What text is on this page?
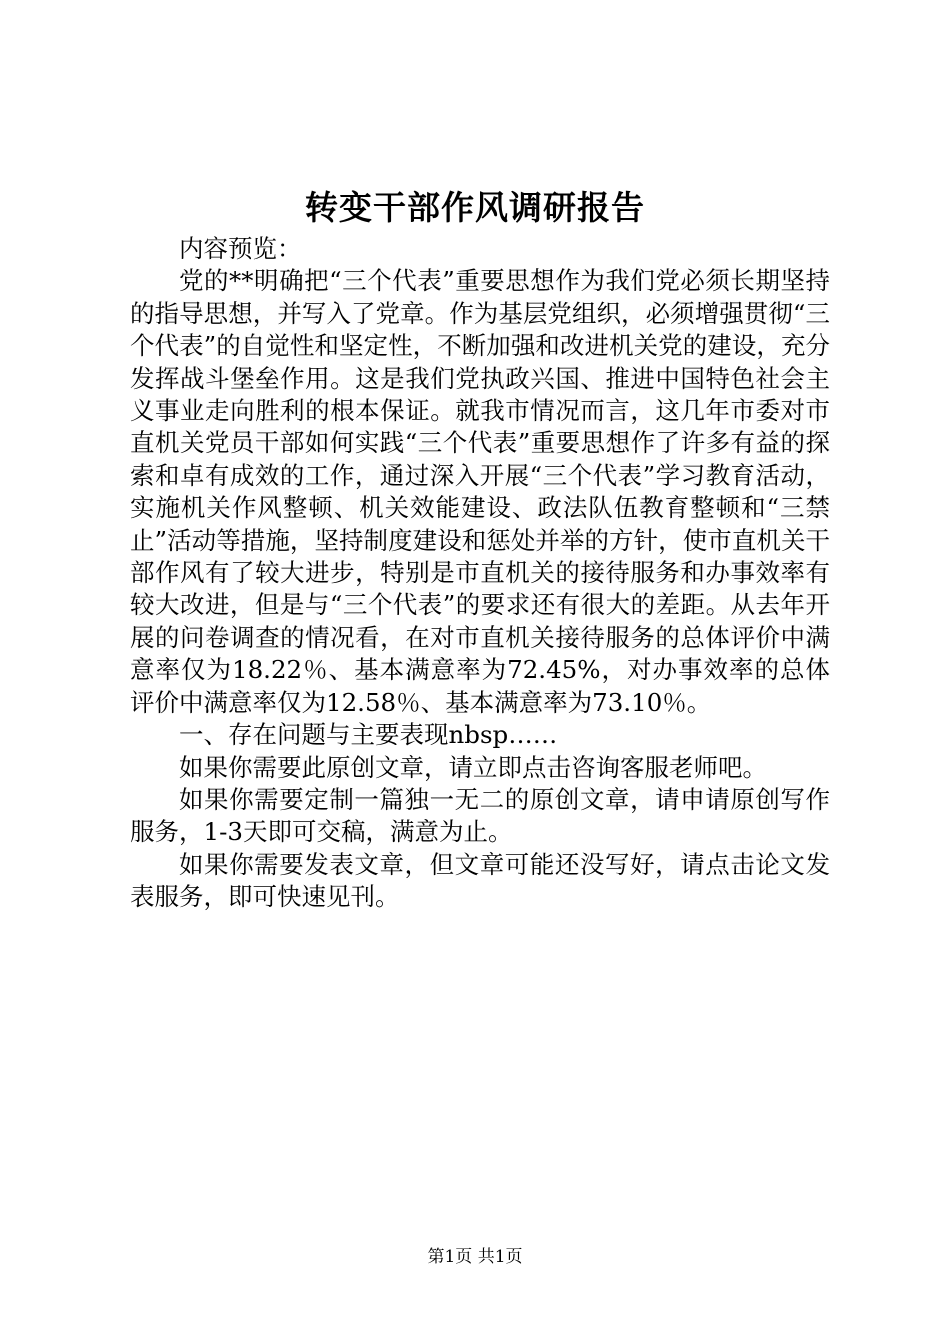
转变干部作风调研报告

内容预览：

党的**明确把“三个代表”重要思想作为我们党必须长期坚持的指导思想，并写入了党章。作为基层党组织，必须增强贯彻“三个代表”的自觉性和坚定性，不断加强和改进机关党的建设，充分发挥战斗堡垒作用。这是我们党执政兴国、推进中国特色社会主义事业走向胜利的根本保证。就我市情况而言，这几年市委对市直机关党员干部如何实践“三个代表”重要思想作了许多有益的探索和卓有成效的工作，通过深入开展“三个代表”学习教育活动，实施机关作风整顿、机关效能建设、政法队伍教育整顿和“三禁止”活动等措施，坚持制度建设和惩处并举的方针，使市直机关干部作风有了较大进步，特别是市直机关的接待服务和办事效率有较大改进，但是与“三个代表”的要求还有很大的差距。从去年开展的问卷调查的情况看，在对市直机关接待服务的总体评价中满意率仅为18.22％、基本满意率为72.45%，对办事效率的总体评价中满意率仅为12.58％、基本满意率为73.10％。

一、存在问题与主要表现nbsp……

如果你需要此原创文章，请立即点击咨询客服老师吧。

如果你需要定制一篇独一无二的原创文章，请申请原创写作服务，1-3天即可交稿，满意为止。

如果你需要发表文章，但文章可能还没写好，请点击论文发表服务，即可快速见刊。

第1页 共1页
